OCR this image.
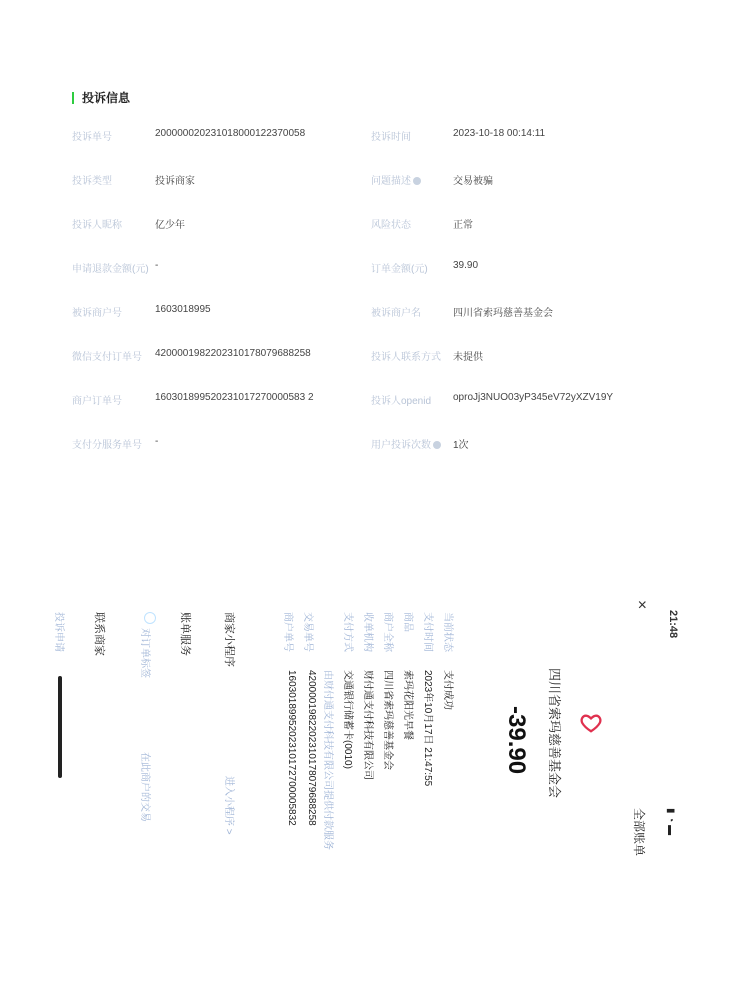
投诉信息
投诉单号	200000020231018000122370058	投诉时间	2023-10-18 00:14:11
投诉类型	投诉商家	问题描述	交易被骗
投诉人昵称	亿少年	风险状态	正常
申请退款金额(元) -	订单金额(元)	39.90
被诉商户号	1603018995	被诉商户名	四川省索玛慈善基金会
微信支付订单号 4200001982202310178079688258	投诉人联系方式 未提供
商户订单号	160301899520231017270000583 2	投诉人openid oproJj3NUO03yP345eV72yXZV19Y
支付分服务单号 -	用户投诉次数	1次
21:48
×
▮ ◔ ▬
全部账单
四川省索玛慈善基金会
-39.90
当前状态
支付成功
支付时间
2023年10月17日 21:47:55
商品
索玛花阳光早餐
商户全称
四川省索玛慈善基金会
收单机构
财付通支付科技有限公司
支付方式
交通银行储蓄卡(0010)
由财付通支付科技有限公司提供付款服务
交易单号
4200001982202310178079688258
商户单号
1603018995202310172700005832
商家小程序
进入小程序 >
账单服务
对订单标签
在此商户的交易
联系商家
投诉申请
